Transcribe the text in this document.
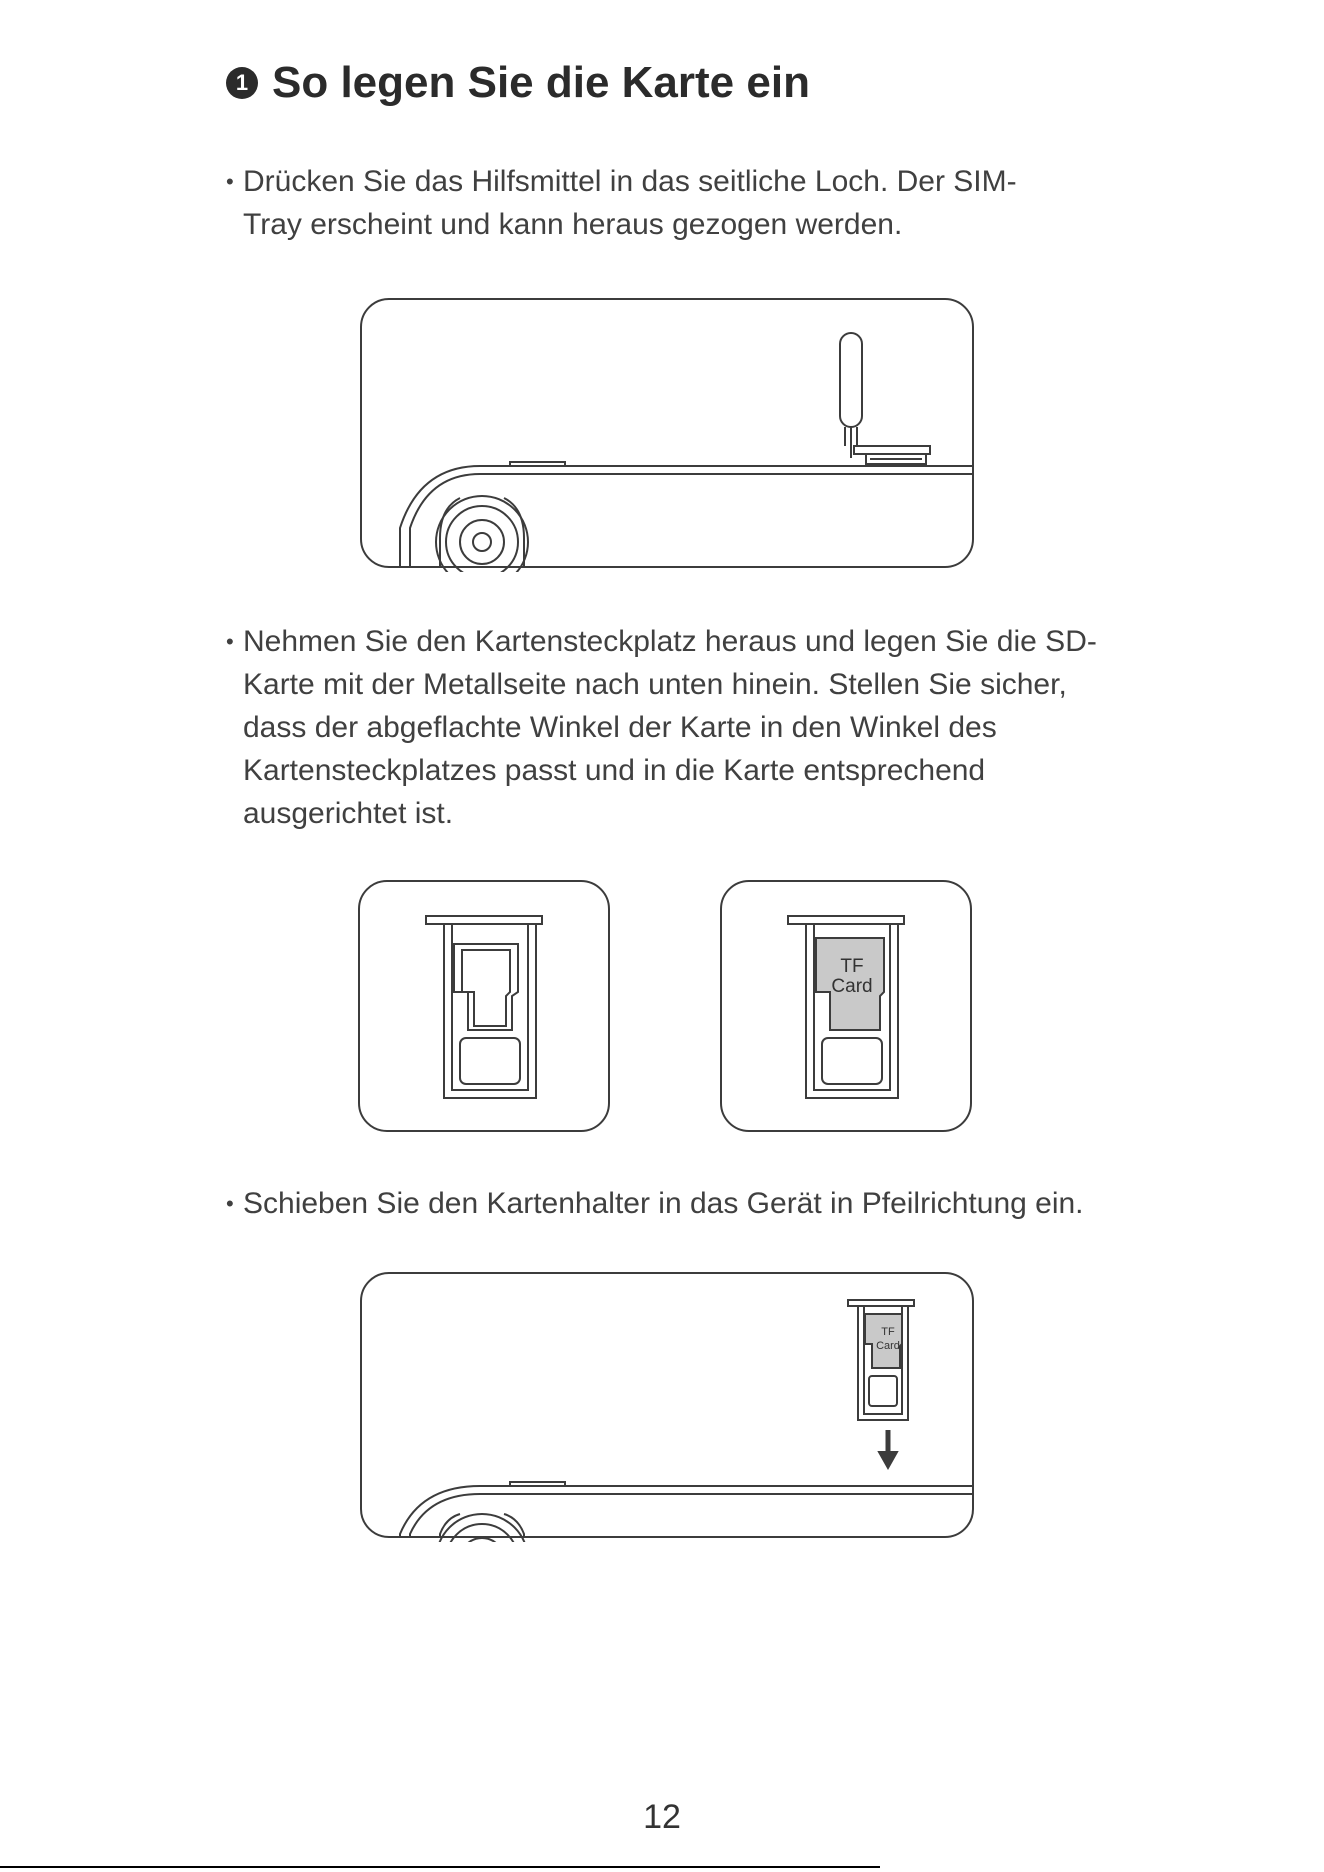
1 So legen Sie die Karte ein

• Drücken Sie das Hilfsmittel in das seitliche Loch. Der SIM-Tray erscheint und kann heraus gezogen werden.

• Nehmen Sie den Kartensteckplatz heraus und legen Sie die SD-Karte mit der Metallseite nach unten hinein. Stellen Sie sicher, dass der abgeflachte Winkel der Karte in den Winkel des Kartensteckplatzes passt und in die Karte entsprechend ausgerichtet ist.

TF
Card

• Schieben Sie den Kartenhalter in das Gerät in Pfeilrichtung ein.

TF
Card
12
